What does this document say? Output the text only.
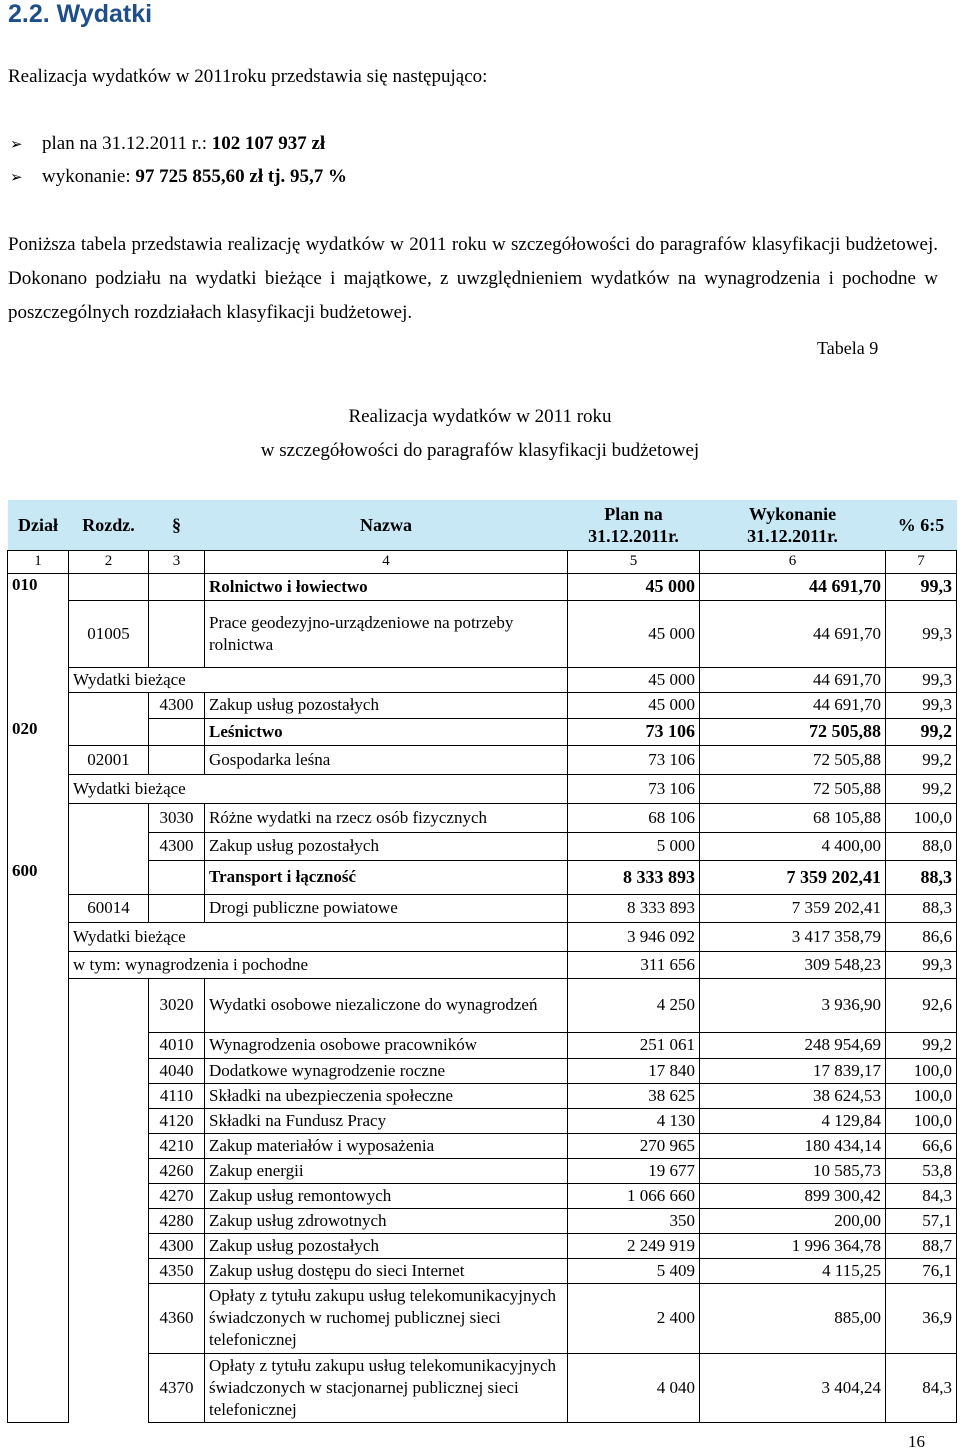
2.2. Wydatki
Realizacja wydatków w 2011roku przedstawia się następująco:
➢ plan na 31.12.2011 r.: 102 107 937 zł
➢ wykonanie: 97 725 855,60 zł tj. 95,7 %
Poniższa tabela przedstawia realizację wydatków w 2011 roku w szczegółowości do paragrafów klasyfikacji budżetowej. Dokonano podziału na wydatki bieżące i majątkowe, z uwzględnieniem wydatków na wynagrodzenia i pochodne w poszczególnych rozdziałach klasyfikacji budżetowej.
Tabela 9
Realizacja wydatków w 2011 roku
w szczegółowości do paragrafów klasyfikacji budżetowej
Dział	Rozdz.	§	Nazwa	Plan na 31.12.2011r.	Wykonanie 31.12.2011r.	% 6:5
1	2	3	4	5	6	7
010			Rolnictwo i łowiectwo	45 000	44 691,70	99,3
	01005		Prace geodezyjno-urządzeniowe na potrzeby rolnictwa	45 000	44 691,70	99,3
	Wydatki bieżące			45 000	44 691,70	99,3
		4300	Zakup usług pozostałych	45 000	44 691,70	99,3
020			Leśnictwo	73 106	72 505,88	99,2
	02001		Gospodarka leśna	73 106	72 505,88	99,2
	Wydatki bieżące			73 106	72 505,88	99,2
		3030	Różne wydatki na rzecz osób fizycznych	68 106	68 105,88	100,0
		4300	Zakup usług pozostałych	5 000	4 400,00	88,0
600			Transport i łączność	8 333 893	7 359 202,41	88,3
	60014		Drogi publiczne powiatowe	8 333 893	7 359 202,41	88,3
	Wydatki bieżące			3 946 092	3 417 358,79	86,6
	w tym: wynagrodzenia i pochodne			311 656	309 548,23	99,3
		3020	Wydatki osobowe niezaliczone do wynagrodzeń	4 250	3 936,90	92,6
		4010	Wynagrodzenia osobowe pracowników	251 061	248 954,69	99,2
		4040	Dodatkowe wynagrodzenie roczne	17 840	17 839,17	100,0
		4110	Składki na ubezpieczenia społeczne	38 625	38 624,53	100,0
		4120	Składki na Fundusz Pracy	4 130	4 129,84	100,0
		4210	Zakup materiałów i wyposażenia	270 965	180 434,14	66,6
		4260	Zakup energii	19 677	10 585,73	53,8
		4270	Zakup usług remontowych	1 066 660	899 300,42	84,3
		4280	Zakup usług zdrowotnych	350	200,00	57,1
		4300	Zakup usług pozostałych	2 249 919	1 996 364,78	88,7
		4350	Zakup usług dostępu do sieci Internet	5 409	4 115,25	76,1
		4360	Opłaty z tytułu zakupu usług telekomunikacyjnych świadczonych w ruchomej publicznej sieci telefonicznej	2 400	885,00	36,9
		4370	Opłaty z tytułu zakupu usług telekomunikacyjnych świadczonych w stacjonarnej publicznej sieci telefonicznej	4 040	3 404,24	84,3
16
